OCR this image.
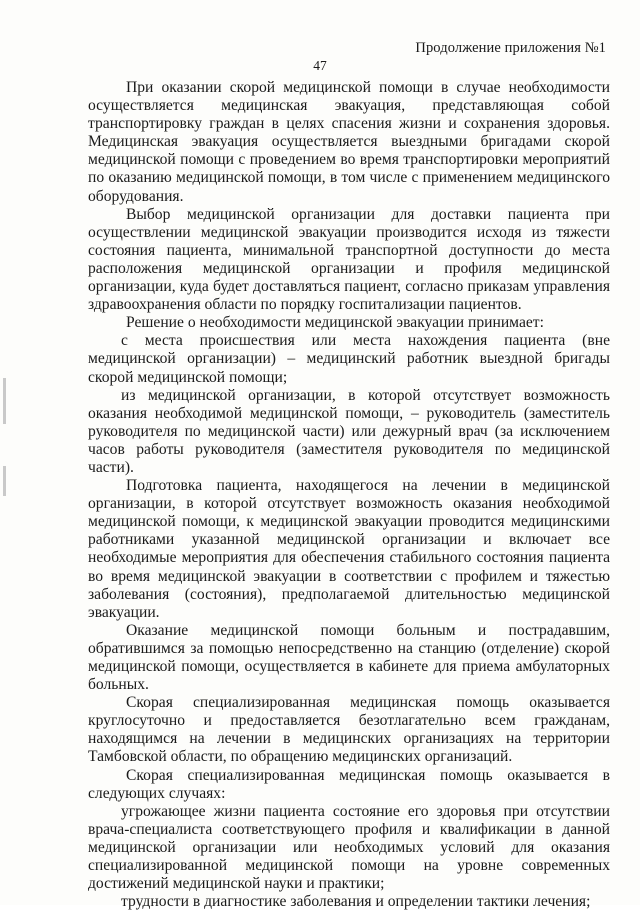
Продолжение приложения №1
47

При оказании скорой медицинской помощи в случае необходимости осуществляется медицинская эвакуация, представляющая собой транспортировку граждан в целях спасения жизни и сохранения здоровья. Медицинская эвакуация осуществляется выездными бригадами скорой медицинской помощи с проведением во время транспортировки мероприятий по оказанию медицинской помощи, в том числе с применением медицинского оборудования.

Выбор медицинской организации для доставки пациента при осуществлении медицинской эвакуации производится исходя из тяжести состояния пациента, минимальной транспортной доступности до места расположения медицинской организации и профиля медицинской организации, куда будет доставляться пациент, согласно приказам управления здравоохранения области по порядку госпитализации пациентов.

Решение о необходимости медицинской эвакуации принимает:

с места происшествия или места нахождения пациента (вне медицинской организации) – медицинский работник выездной бригады скорой медицинской помощи;

из медицинской организации, в которой отсутствует возможность оказания необходимой медицинской помощи, – руководитель (заместитель руководителя по медицинской части) или дежурный врач (за исключением часов работы руководителя (заместителя руководителя по медицинской части).

Подготовка пациента, находящегося на лечении в медицинской организации, в которой отсутствует возможность оказания необходимой медицинской помощи, к медицинской эвакуации проводится медицинскими работниками указанной медицинской организации и включает все необходимые мероприятия для обеспечения стабильного состояния пациента во время медицинской эвакуации в соответствии с профилем и тяжестью заболевания (состояния), предполагаемой длительностью медицинской эвакуации.

Оказание медицинской помощи больным и пострадавшим, обратившимся за помощью непосредственно на станцию (отделение) скорой медицинской помощи, осуществляется в кабинете для приема амбулаторных больных.

Скорая специализированная медицинская помощь оказывается круглосуточно и предоставляется безотлагательно всем гражданам, находящимся на лечении в медицинских организациях на территории Тамбовской области, по обращению медицинских организаций.

Скорая специализированная медицинская помощь оказывается в следующих случаях:

угрожающее жизни пациента состояние его здоровья при отсутствии врача-специалиста соответствующего профиля и квалификации в данной медицинской организации или необходимых условий для оказания специализированной медицинской помощи на уровне современных достижений медицинской науки и практики;

трудности в диагностике заболевания и определении тактики лечения;
